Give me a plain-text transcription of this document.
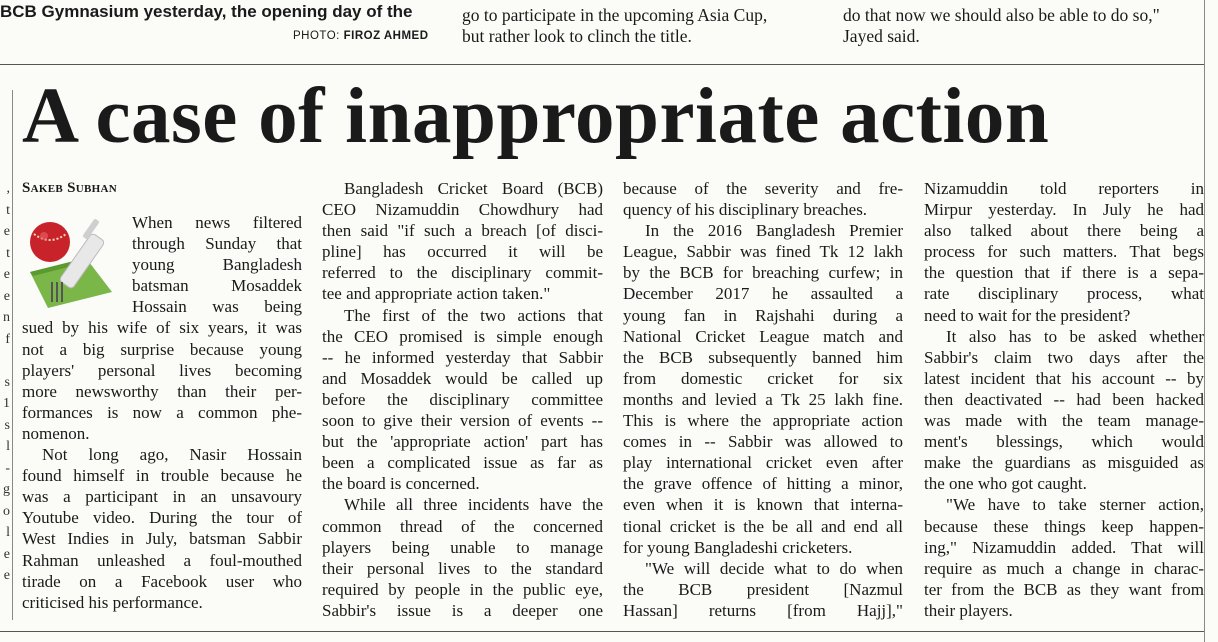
BCB Gymnasium yesterday, the opening day of the
PHOTO: FIROZ AHMED
go to participate in the upcoming Asia Cup,
but rather look to clinch the title.
do that now we should also be able to do so,"
Jayed said.
,
t
e
t
e
e
n
f
s
1
s
l
-
g
o
l
e
e
A case of inappropriate action
Sakeb Subhan
When news filtered
through Sunday that
young Bangladesh
batsman Mosaddek
Hossain was being
sued by his wife of six years, it was
not a big surprise because young
players' personal lives becoming
more newsworthy than their per-
formances is now a common phe-
nomenon.
Not long ago, Nasir Hossain
found himself in trouble because he
was a participant in an unsavoury
Youtube video. During the tour of
West Indies in July, batsman Sabbir
Rahman unleashed a foul-mouthed
tirade on a Facebook user who
criticised his performance.
Bangladesh Cricket Board (BCB)
CEO Nizamuddin Chowdhury had
then said "if such a breach [of disci-
pline] has occurred it will be
referred to the disciplinary commit-
tee and appropriate action taken."
The first of the two actions that
the CEO promised is simple enough
-- he informed yesterday that Sabbir
and Mosaddek would be called up
before the disciplinary committee
soon to give their version of events --
but the 'appropriate action' part has
been a complicated issue as far as
the board is concerned.
While all three incidents have the
common thread of the concerned
players being unable to manage
their personal lives to the standard
required by people in the public eye,
Sabbir's issue is a deeper one
because of the severity and fre-
quency of his disciplinary breaches.
In the 2016 Bangladesh Premier
League, Sabbir was fined Tk 12 lakh
by the BCB for breaching curfew; in
December 2017 he assaulted a
young fan in Rajshahi during a
National Cricket League match and
the BCB subsequently banned him
from domestic cricket for six
months and levied a Tk 25 lakh fine.
This is where the appropriate action
comes in -- Sabbir was allowed to
play international cricket even after
the grave offence of hitting a minor,
even when it is known that interna-
tional cricket is the be all and end all
for young Bangladeshi cricketers.
"We will decide what to do when
the BCB president [Nazmul
Hassan] returns [from Hajj],"
Nizamuddin told reporters in
Mirpur yesterday. In July he had
also talked about there being a
process for such matters. That begs
the question that if there is a sepa-
rate disciplinary process, what
need to wait for the president?
It also has to be asked whether
Sabbir's claim two days after the
latest incident that his account -- by
then deactivated -- had been hacked
was made with the team manage-
ment's blessings, which would
make the guardians as misguided as
the one who got caught.
"We have to take sterner action,
because these things keep happen-
ing," Nizamuddin added. That will
require as much a change in charac-
ter from the BCB as they want from
their players.
